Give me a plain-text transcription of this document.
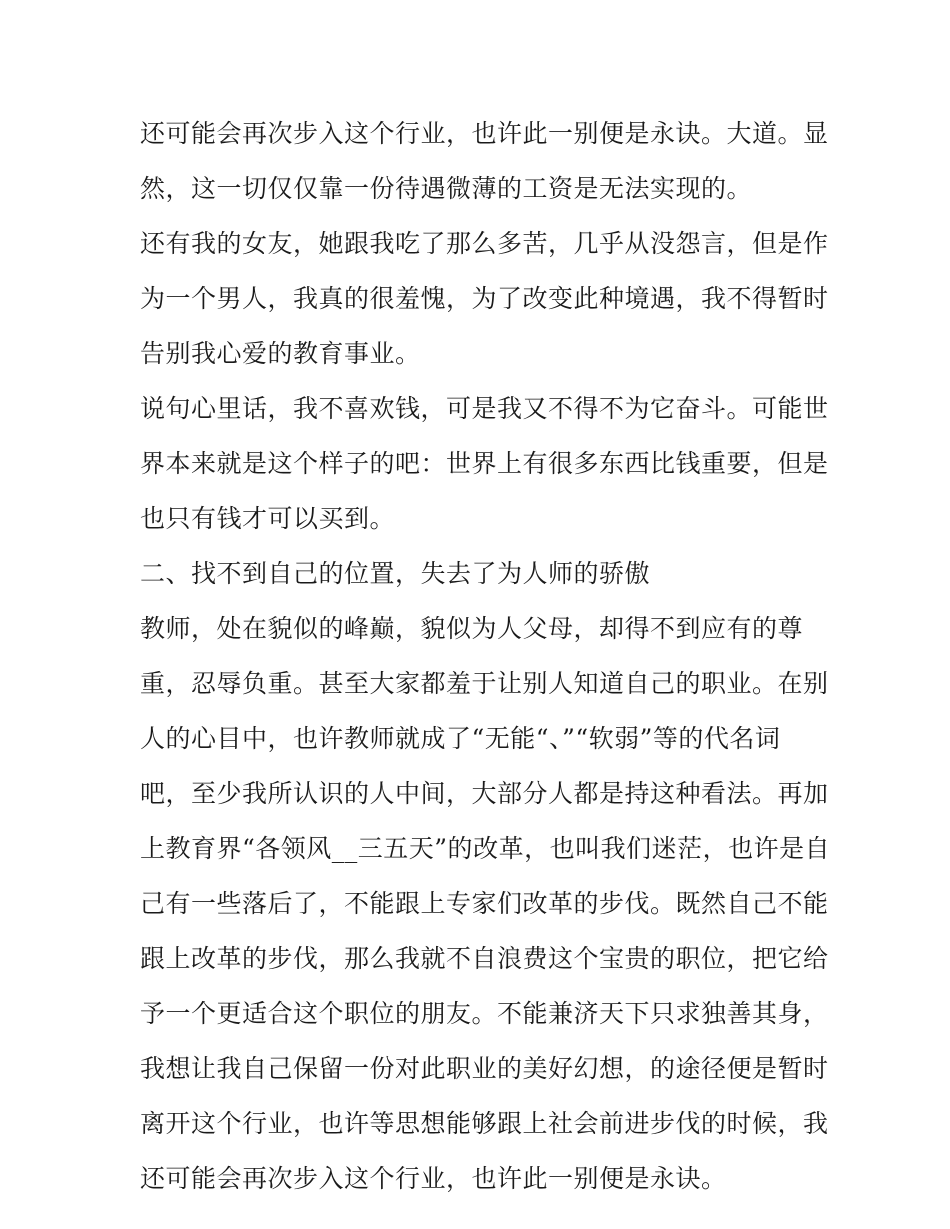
还可能会再次步入这个行业，也许此一别便是永诀。大道。显
然，这一切仅仅靠一份待遇微薄的工资是无法实现的。
还有我的女友，她跟我吃了那么多苦，几乎从没怨言，但是作
为一个男人，我真的很羞愧，为了改变此种境遇，我不得暂时
告别我心爱的教育事业。
说句心里话，我不喜欢钱，可是我又不得不为它奋斗。可能世
界本来就是这个样子的吧：世界上有很多东西比钱重要，但是
也只有钱才可以买到。
二、找不到自己的位置，失去了为人师的骄傲
教师，处在貌似的峰巅，貌似为人父母，却得不到应有的尊
重，忍辱负重。甚至大家都羞于让别人知道自己的职业。在别
人的心目中，也许教师就成了“无能“、”“软弱”等的代名词
吧，至少我所认识的人中间，大部分人都是持这种看法。再加
上教育界“各领风__三五天”的改革，也叫我们迷茫，也许是自
己有一些落后了，不能跟上专家们改革的步伐。既然自己不能
跟上改革的步伐，那么我就不自浪费这个宝贵的职位，把它给
予一个更适合这个职位的朋友。不能兼济天下只求独善其身，
我想让我自己保留一份对此职业的美好幻想，的途径便是暂时
离开这个行业，也许等思想能够跟上社会前进步伐的时候，我
还可能会再次步入这个行业，也许此一别便是永诀。
